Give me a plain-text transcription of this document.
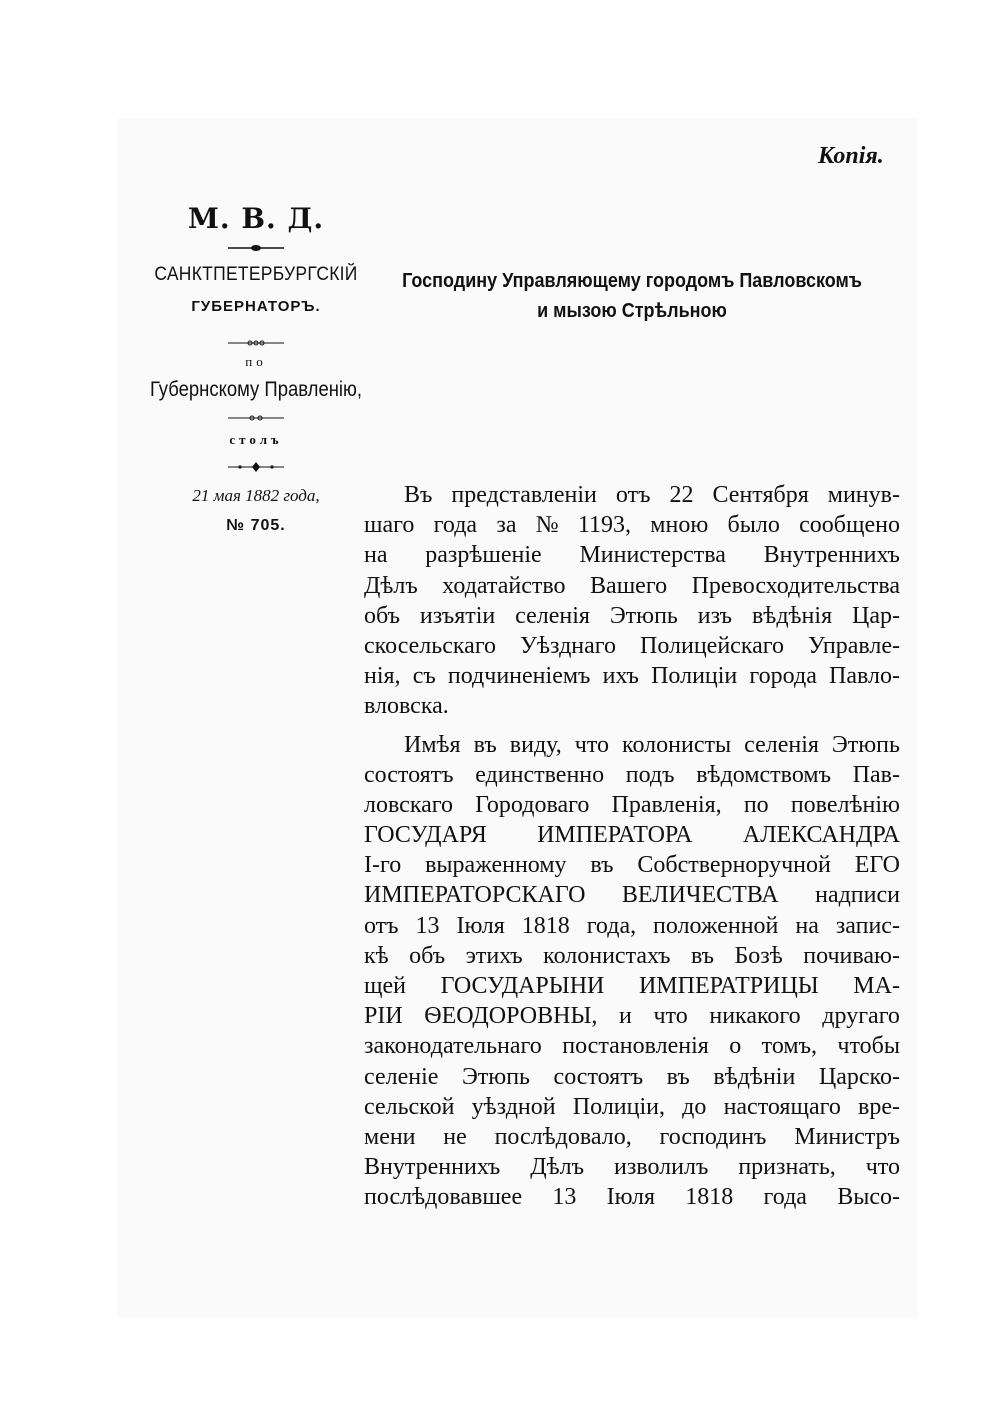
Копія.
М. В. Д.
САНКТПЕТЕРБУРГСКІЙ
ГУБЕРНАТОРЪ.
по
Губернскому Правленію,
столъ
21 мая 1882 года,
№ 705.
Господину Управляющему городомъ Павловскомъ
и мызою Стрѣльною
Въ представленіи отъ 22 Сентября минув-
шаго года за № 1193, мною было сообщено
на разрѣшеніе Министерства Внутреннихъ
Дѣлъ ходатайство Вашего Превосходительства
объ изъятіи селенія Этюпь изъ вѣдѣнія Цар-
скосельскаго Уѣзднаго Полицейскаго Управле-
нія, съ подчиненіемъ ихъ Полиціи города Павло-
вловска.
Имѣя въ виду, что колонисты селенія Этюпь
состоятъ единственно подъ вѣдомствомъ Пав-
ловскаго Городоваго Правленія, по повелѣнію
ГОСУДАРЯ ИМПЕРАТОРА АЛЕКСАНДРА
І-го выраженному въ Собстверноручной ЕГО
ИМПЕРАТОРСКАГО ВЕЛИЧЕСТВА надписи
отъ 13 Іюля 1818 года, положенной на запис-
кѣ объ этихъ колонистахъ въ Бозѣ почиваю-
щей ГОСУДАРЫНИ ИМПЕРАТРИЦЫ МА-
РІИ ѲЕОДОРОВНЫ, и что никакого другаго
законодательнаго постановленія о томъ, чтобы
селеніе Этюпь состоятъ въ вѣдѣніи Царско-
сельской уѣздной Полиціи, до настоящаго вре-
мени не послѣдовало, господинъ Министръ
Внутреннихъ Дѣлъ изволилъ признать, что
послѣдовавшее 13 Іюля 1818 года Высо-
